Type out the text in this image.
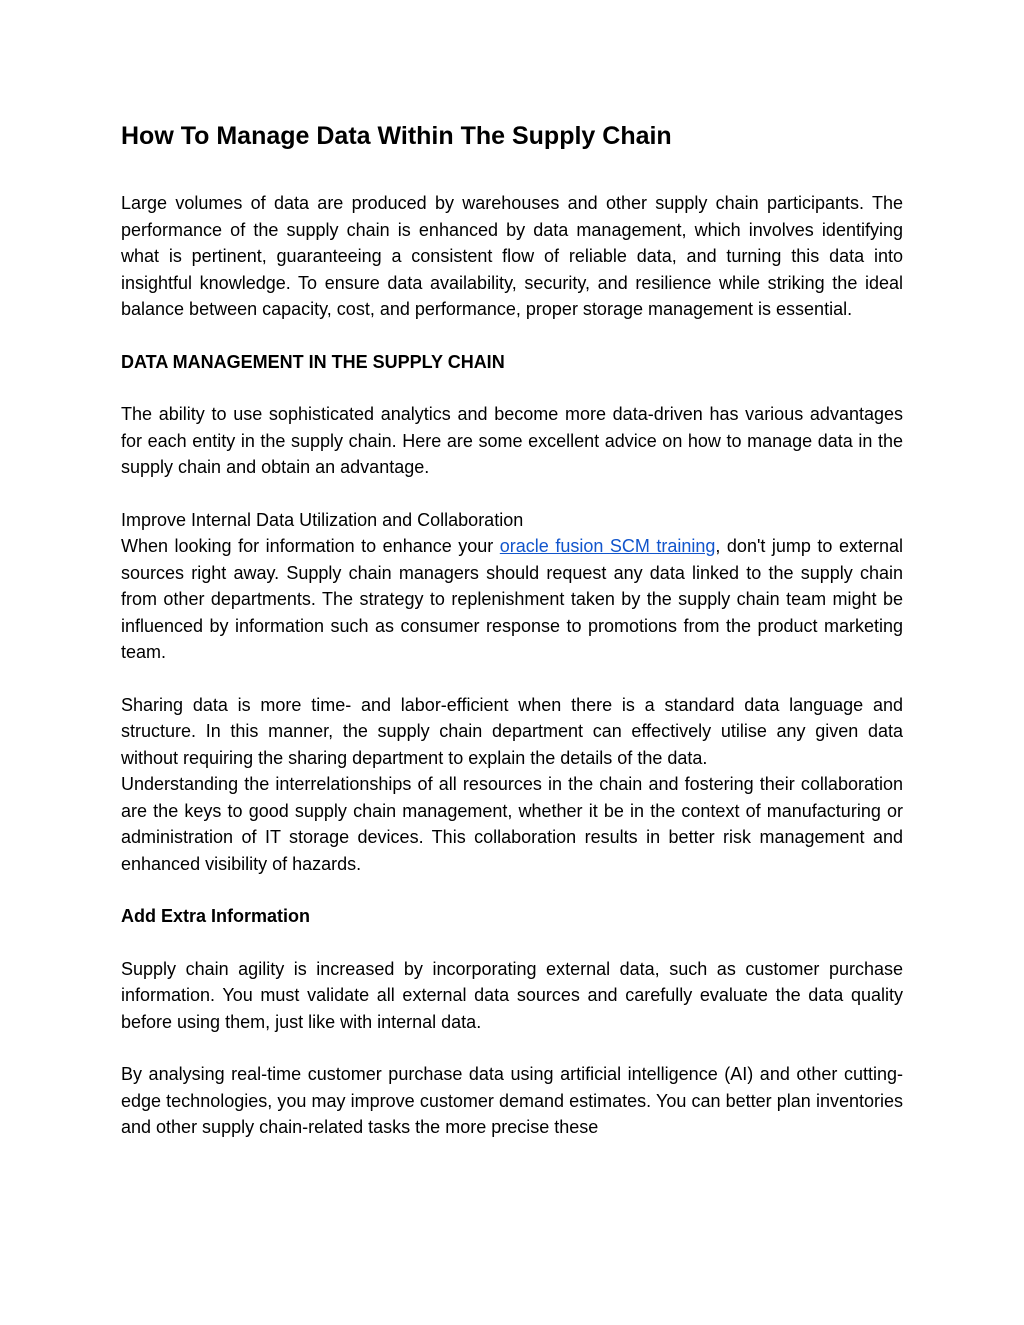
How To Manage Data Within The Supply Chain

Large volumes of data are produced by warehouses and other supply chain participants. The performance of the supply chain is enhanced by data management, which involves identifying what is pertinent, guaranteeing a consistent flow of reliable data, and turning this data into insightful knowledge. To ensure data availability, security, and resilience while striking the ideal balance between capacity, cost, and performance, proper storage management is essential.

DATA MANAGEMENT IN THE SUPPLY CHAIN

The ability to use sophisticated analytics and become more data-driven has various advantages for each entity in the supply chain. Here are some excellent advice on how to manage data in the supply chain and obtain an advantage.

Improve Internal Data Utilization and Collaboration
When looking for information to enhance your oracle fusion SCM training, don't jump to external sources right away. Supply chain managers should request any data linked to the supply chain from other departments. The strategy to replenishment taken by the supply chain team might be influenced by information such as consumer response to promotions from the product marketing team.

Sharing data is more time- and labor-efficient when there is a standard data language and structure. In this manner, the supply chain department can effectively utilise any given data without requiring the sharing department to explain the details of the data.

Understanding the interrelationships of all resources in the chain and fostering their collaboration are the keys to good supply chain management, whether it be in the context of manufacturing or administration of IT storage devices. This collaboration results in better risk management and enhanced visibility of hazards.

Add Extra Information

Supply chain agility is increased by incorporating external data, such as customer purchase information. You must validate all external data sources and carefully evaluate the data quality before using them, just like with internal data.

By analysing real-time customer purchase data using artificial intelligence (AI) and other cutting-edge technologies, you may improve customer demand estimates. You can better plan inventories and other supply chain-related tasks the more precise these
